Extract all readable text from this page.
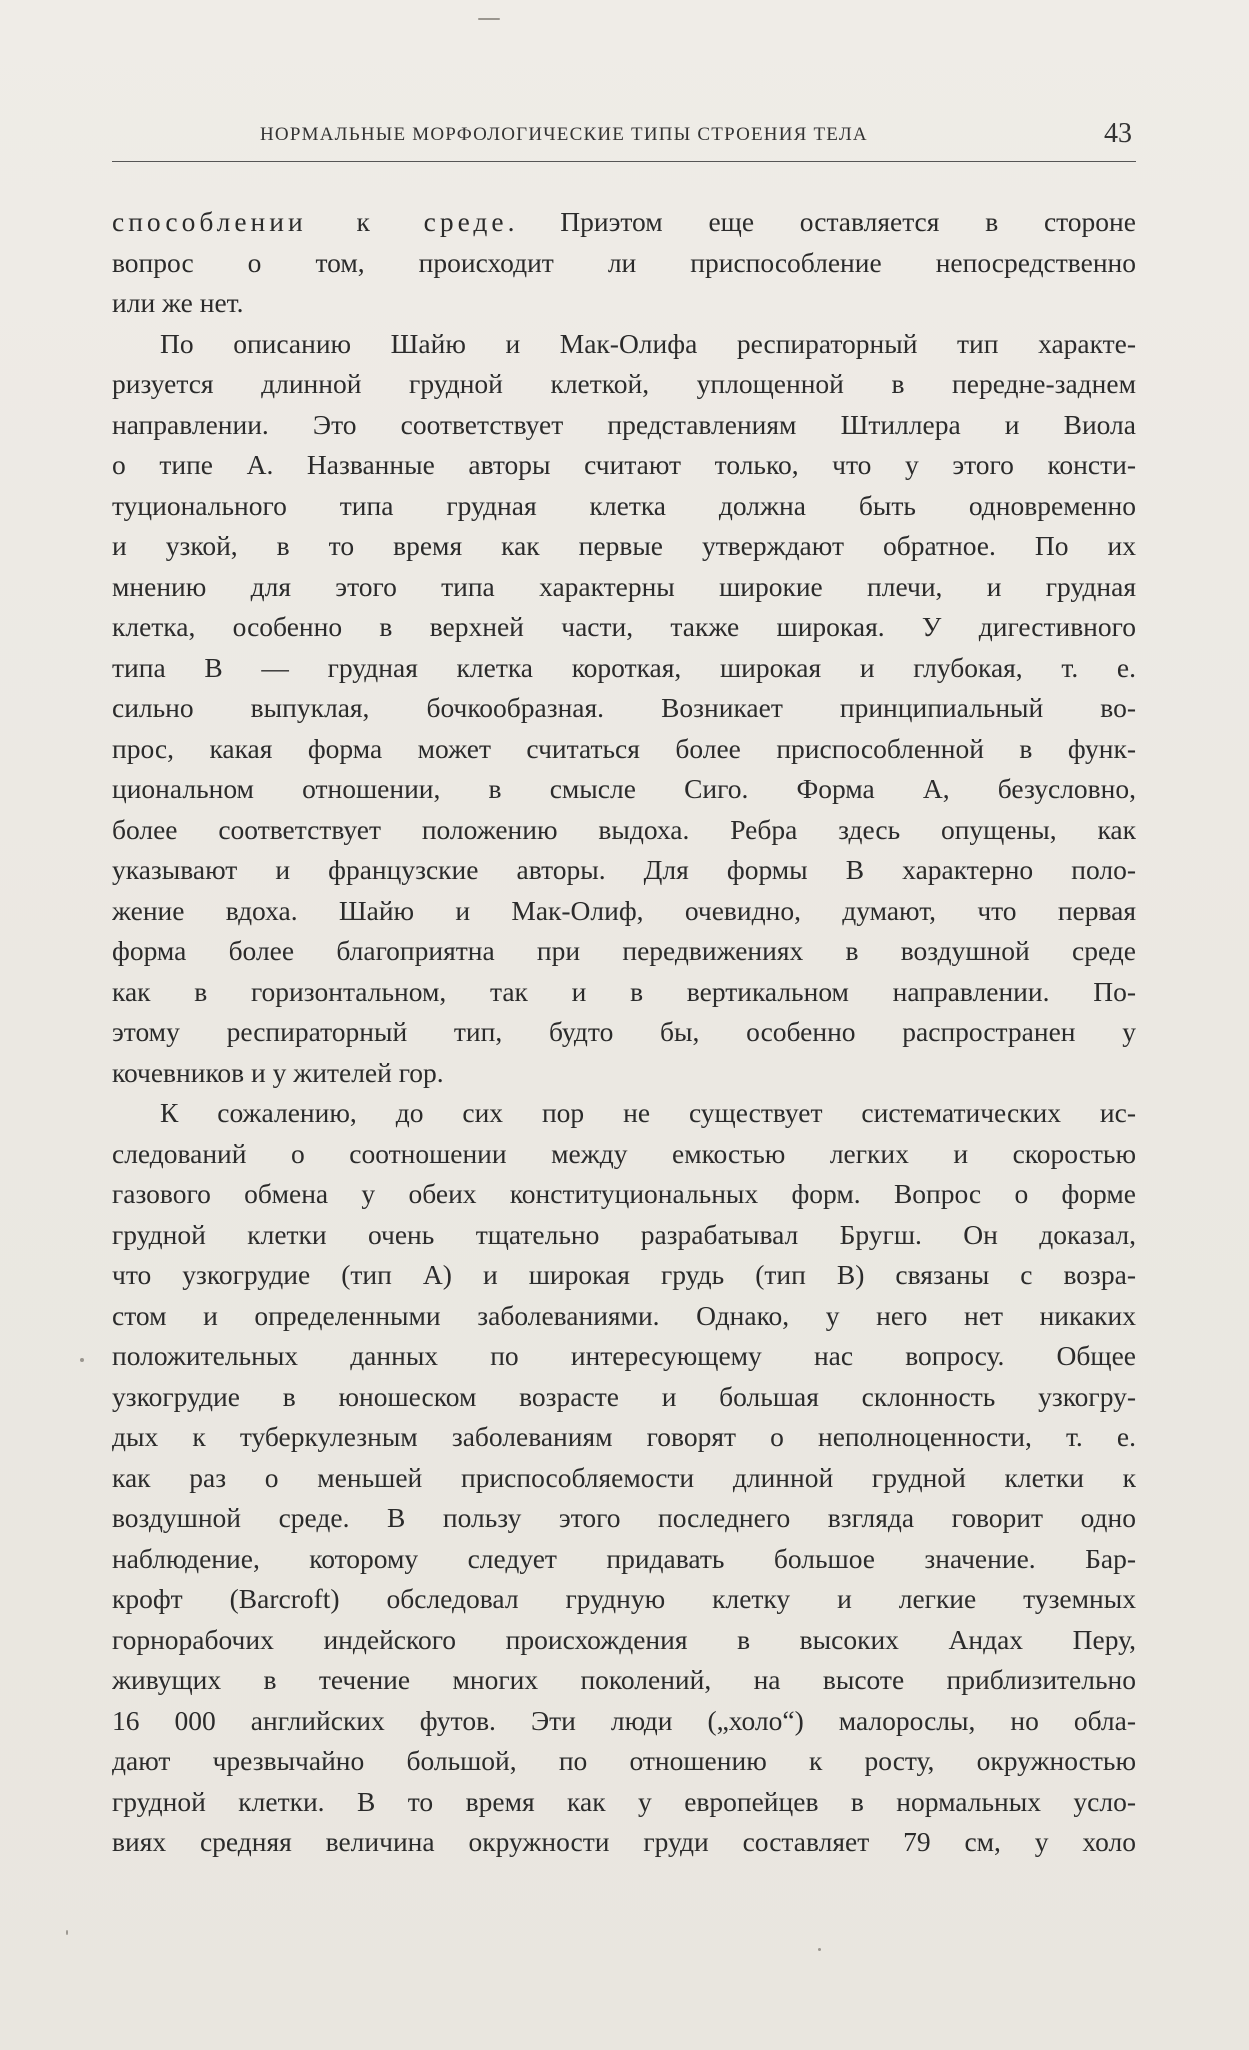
НОРМАЛЬНЫЕ МОРФОЛОГИЧЕСКИЕ ТИПЫ СТРОЕНИЯ ТЕЛА	43
способлении к среде. Приэтом еще оставляется в стороне
вопрос о том, происходит ли приспособление непосредственно
или же нет.
По описанию Шайю и Мак-Олифа респираторный тип характе-
ризуется длинной грудной клеткой, уплощенной в передне-заднем
направлении. Это соответствует представлениям Штиллера и Виола
о типе А. Названные авторы считают только, что у этого консти-
туционального типа грудная клетка должна быть одновременно
и узкой, в то время как первые утверждают обратное. По их
мнению для этого типа характерны широкие плечи, и грудная
клетка, особенно в верхней части, также широкая. У дигестивного
типа В — грудная клетка короткая, широкая и глубокая, т. е.
сильно выпуклая, бочкообразная. Возникает принципиальный во-
прос, какая форма может считаться более приспособленной в функ-
циональном отношении, в смысле Сиго. Форма А, безусловно,
более соответствует положению выдоха. Ребра здесь опущены, как
указывают и французские авторы. Для формы В характерно поло-
жение вдоха. Шайю и Мак-Олиф, очевидно, думают, что первая
форма более благоприятна при передвижениях в воздушной среде
как в горизонтальном, так и в вертикальном направлении. По-
этому респираторный тип, будто бы, особенно распространен у
кочевников и у жителей гор.
К сожалению, до сих пор не существует систематических ис-
следований о соотношении между емкостью легких и скоростью
газового обмена у обеих конституциональных форм. Вопрос о форме
грудной клетки очень тщательно разрабатывал Бругш. Он доказал,
что узкогрудие (тип А) и широкая грудь (тип В) связаны с возра-
стом и определенными заболеваниями. Однако, у него нет никаких
положительных данных по интересующему нас вопросу. Общее
узкогрудие в юношеском возрасте и большая склонность узкогру-
дых к туберкулезным заболеваниям говорят о неполноценности, т. е.
как раз о меньшей приспособляемости длинной грудной клетки к
воздушной среде. В пользу этого последнего взгляда говорит одно
наблюдение, которому следует придавать большое значение. Бар-
крофт (Barcroft) обследовал грудную клетку и легкие туземных
горнорабочих индейского происхождения в высоких Андах Перу,
живущих в течение многих поколений, на высоте приблизительно
16 000 английских футов. Эти люди („холо“) малорослы, но обла-
дают чрезвычайно большой, по отношению к росту, окружностью
грудной клетки. В то время как у европейцев в нормальных усло-
виях средняя величина окружности груди составляет 79 см, у холо
